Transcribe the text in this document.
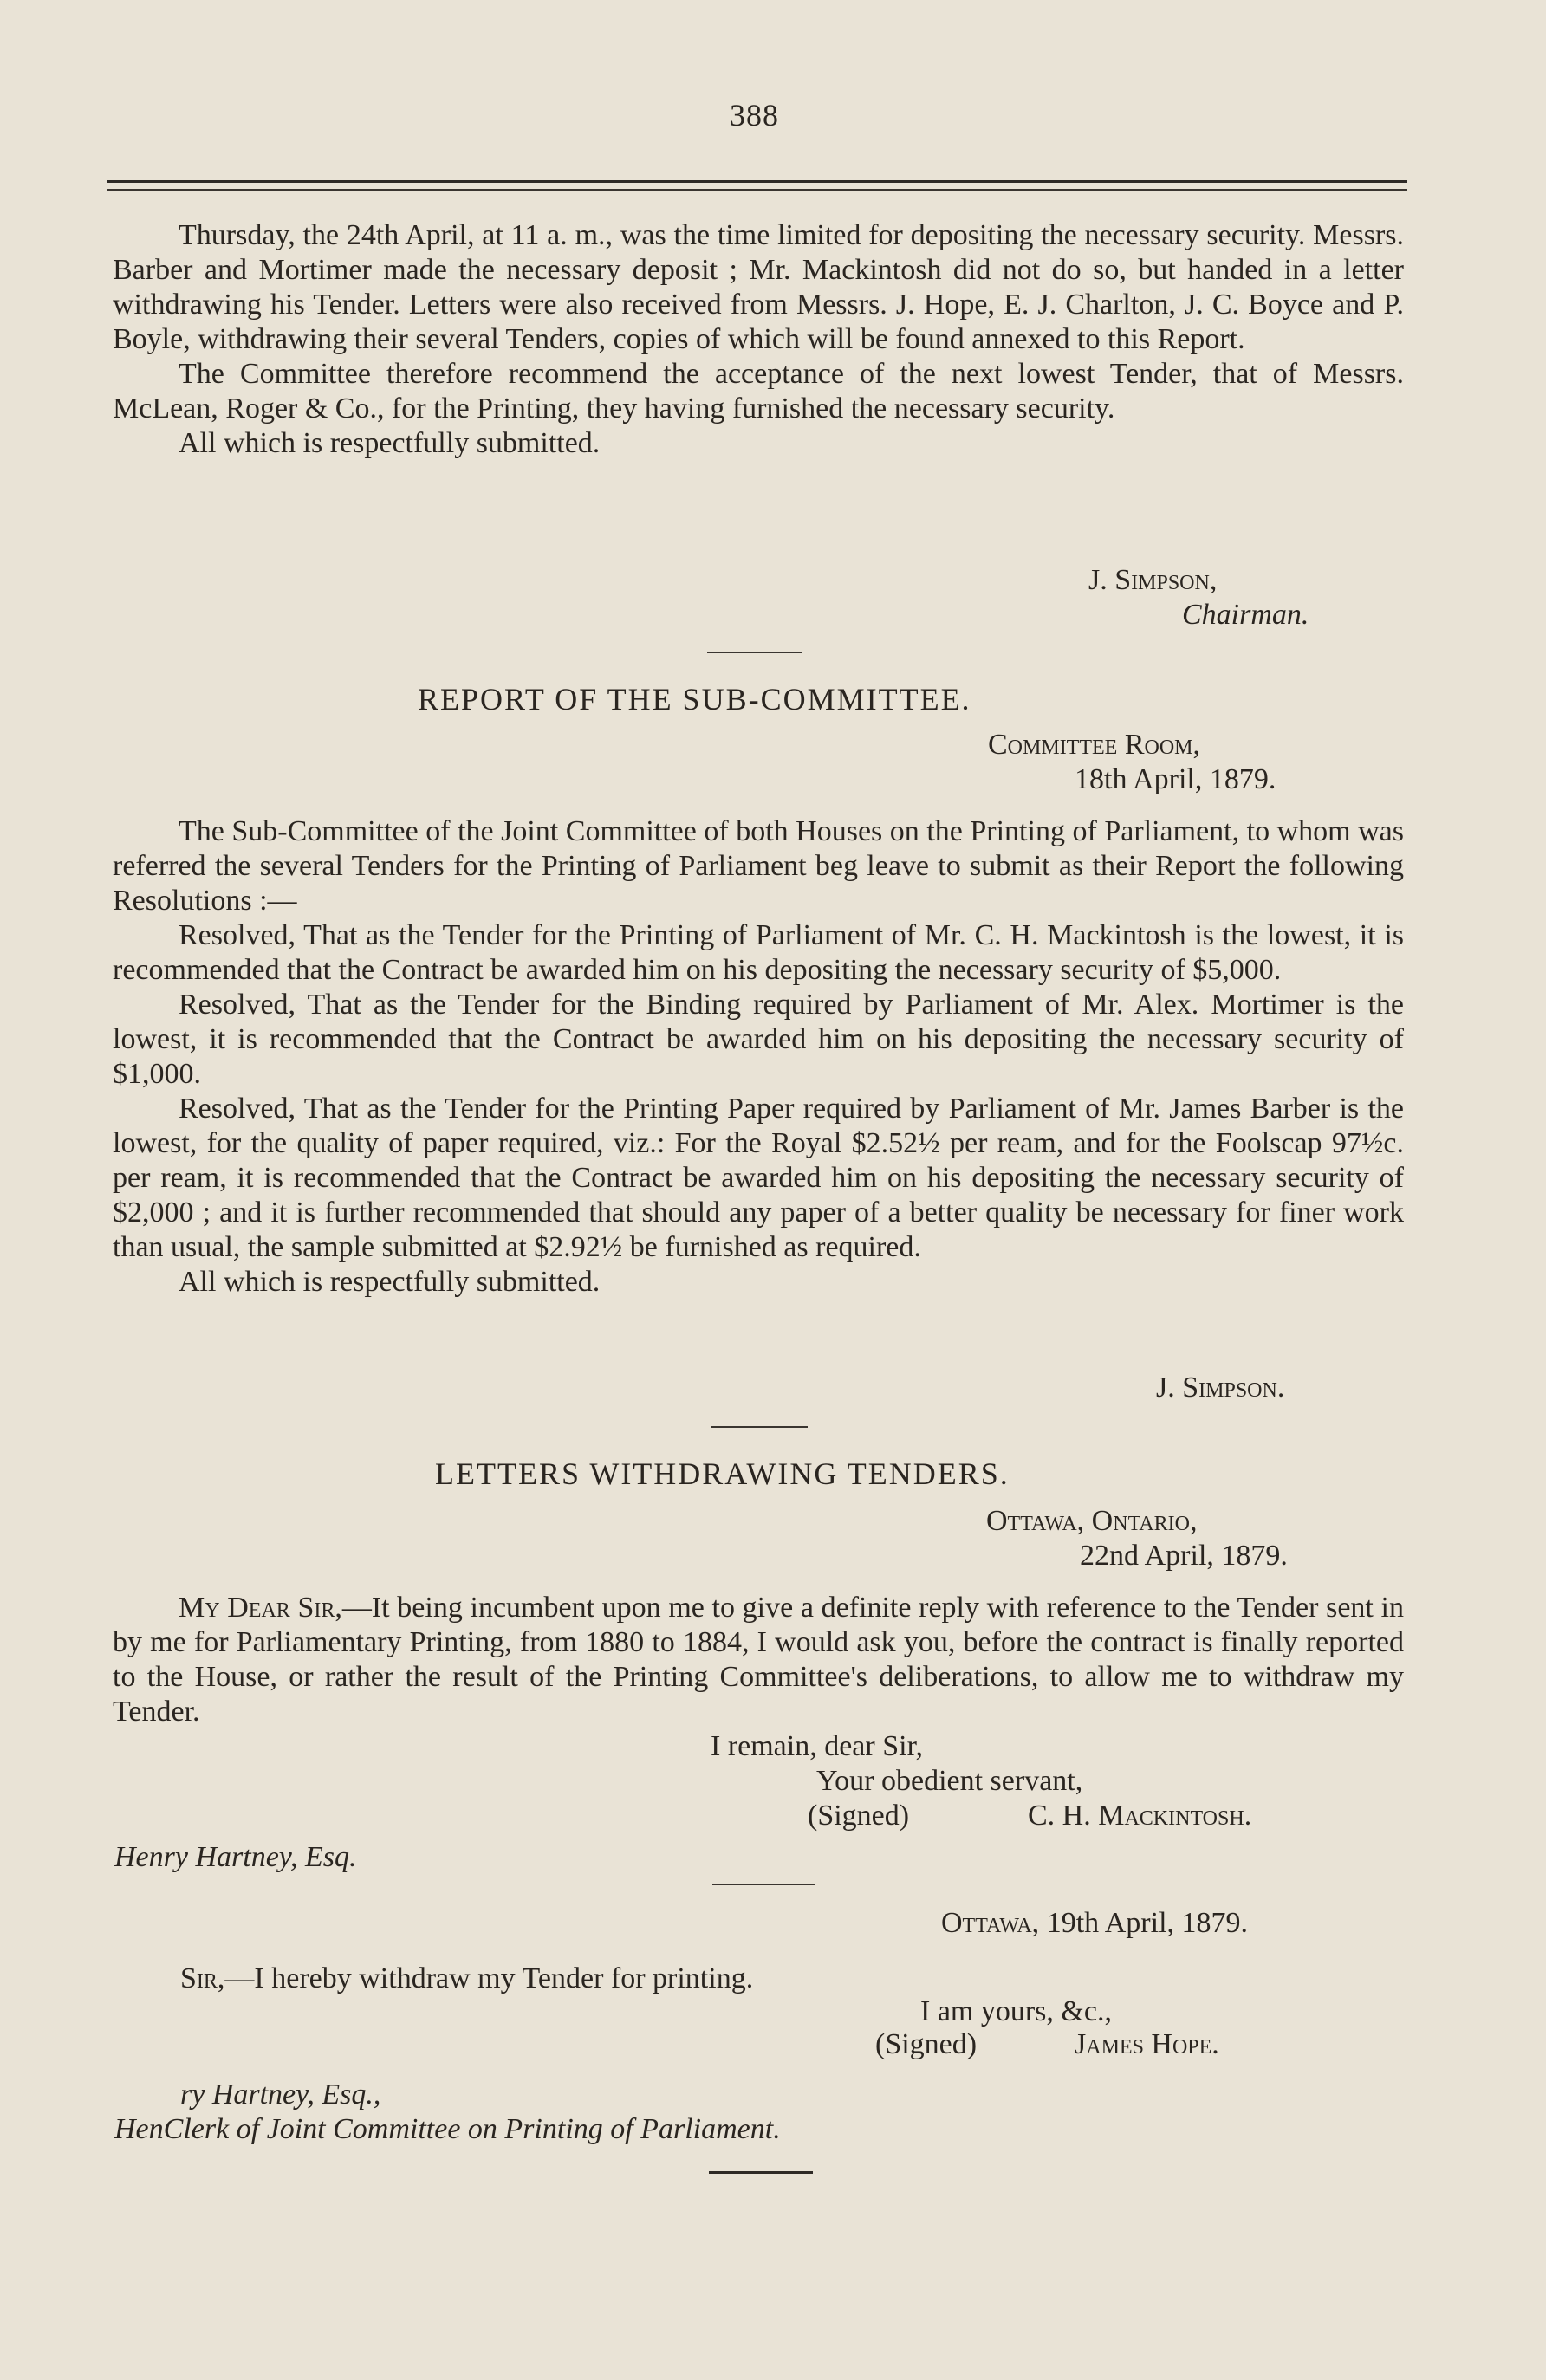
388

Thursday, the 24th April, at 11 a. m., was the time limited for depositing the necessary security. Messrs. Barber and Mortimer made the necessary deposit ; Mr. Mackintosh did not do so, but handed in a letter withdrawing his Tender. Letters were also received from Messrs. J. Hope, E. J. Charlton, J. C. Boyce and P. Boyle, withdrawing their several Tenders, copies of which will be found annexed to this Report.

The Committee therefore recommend the acceptance of the next lowest Tender, that of Messrs. McLean, Roger & Co., for the Printing, they having furnished the necessary security.

All which is respectfully submitted.

J. Simpson,
Chairman.
REPORT OF THE SUB-COMMITTEE.
Committee Room,
18th April, 1879.

The Sub-Committee of the Joint Committee of both Houses on the Printing of Parliament, to whom was referred the several Tenders for the Printing of Parliament beg leave to submit as their Report the following Resolutions :—

Resolved, That as the Tender for the Printing of Parliament of Mr. C. H. Mackintosh is the lowest, it is recommended that the Contract be awarded him on his depositing the necessary security of $5,000.

Resolved, That as the Tender for the Binding required by Parliament of Mr. Alex. Mortimer is the lowest, it is recommended that the Contract be awarded him on his depositing the necessary security of $1,000.

Resolved, That as the Tender for the Printing Paper required by Parliament of Mr. James Barber is the lowest, for the quality of paper required, viz.: For the Royal $2.52½ per ream, and for the Foolscap 97½c. per ream, it is recommended that the Contract be awarded him on his depositing the necessary security of $2,000 ; and it is further recommended that should any paper of a better quality be necessary for finer work than usual, the sample submitted at $2.92½ be furnished as required.

All which is respectfully submitted.

J. Simpson.
LETTERS WITHDRAWING TENDERS.
Ottawa, Ontario,
22nd April, 1879.

My Dear Sir,—It being incumbent upon me to give a definite reply with reference to the Tender sent in by me for Parliamentary Printing, from 1880 to 1884, I would ask you, before the contract is finally reported to the House, or rather the result of the Printing Committee's deliberations, to allow me to withdraw my Tender.

I remain, dear Sir,
Your obedient servant,
(Signed)	C. H. Mackintosh.
Henry Hartney, Esq.
Ottawa, 19th April, 1879.
Sir,—I hereby withdraw my Tender for printing.
I am yours, &c.,
(Signed)	James Hope.
ry Hartney, Esq.,
HenClerk of Joint Committee on Printing of Parliament.
